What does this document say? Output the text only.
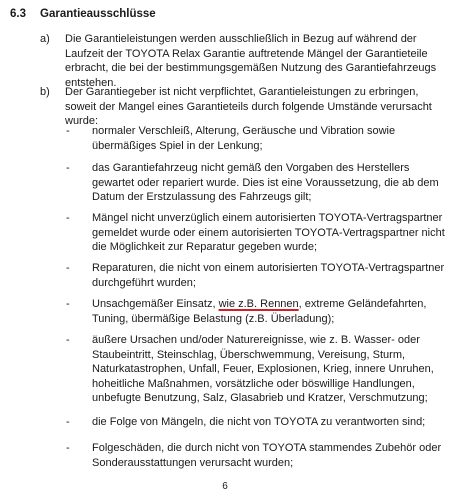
6.3 Garantieausschlüsse
a) Die Garantieleistungen werden ausschließlich in Bezug auf während der Laufzeit der TOYOTA Relax Garantie auftretende Mängel der Garantieteile erbracht, die bei der bestimmungsgemäßen Nutzung des Garantiefahrzeugs entstehen.
b) Der Garantiegeber ist nicht verpflichtet, Garantieleistungen zu erbringen, soweit der Mangel eines Garantieteils durch folgende Umstände verursacht wurde:
- normaler Verschleiß, Alterung, Geräusche und Vibration sowie übermäßiges Spiel in der Lenkung;
- das Garantiefahrzeug nicht gemäß den Vorgaben des Herstellers gewartet oder repariert wurde. Dies ist eine Voraussetzung, die ab dem Datum der Erstzulassung des Fahrzeugs gilt;
- Mängel nicht unverzüglich einem autorisierten TOYOTA-Vertragspartner gemeldet wurde oder einem autorisierten TOYOTA-Vertragspartner nicht die Möglichkeit zur Reparatur gegeben wurde;
- Reparaturen, die nicht von einem autorisierten TOYOTA-Vertragspartner durchgeführt wurden;
- Unsachgemäßer Einsatz, wie z.B. Rennen, extreme Geländefahrten, Tuning, übermäßige Belastung (z.B. Überladung);
- äußere Ursachen und/oder Naturereignisse, wie z. B. Wasser- oder Staubeintritt, Steinschlag, Überschwemmung, Vereisung, Sturm, Naturkatastrophen, Unfall, Feuer, Explosionen, Krieg, innere Unruhen, hoheitliche Maßnahmen, vorsätzliche oder böswillige Handlungen, unbefugte Benutzung, Salz, Glasabrieb und Kratzer, Verschmutzung;
- die Folge von Mängeln, die nicht von TOYOTA zu verantworten sind;
- Folgeschäden, die durch nicht von TOYOTA stammendes Zubehör oder Sonderausstattungen verursacht wurden;
6
